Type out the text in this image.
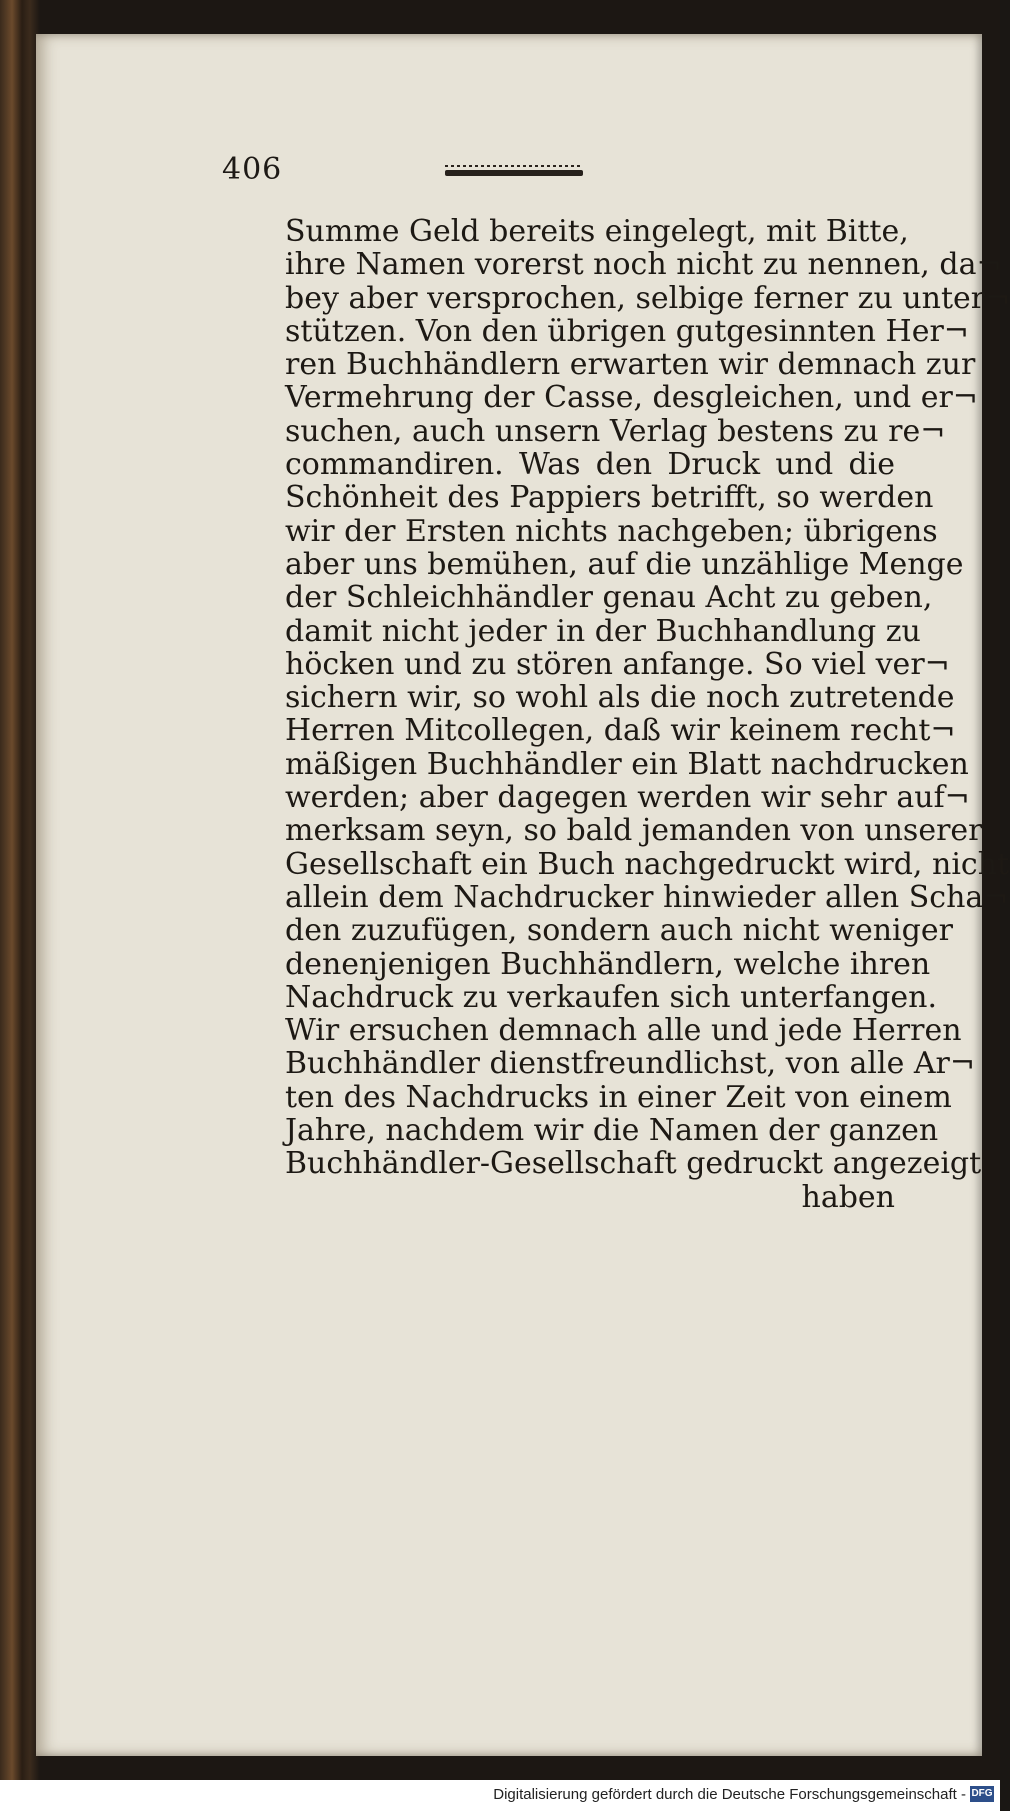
406
Summe Geld bereits eingelegt, mit Bitte,
ihre Namen vorerst noch nicht zu nennen, da¬
bey aber versprochen, selbige ferner zu unter¬
stützen. Von den übrigen gutgesinnten Her¬
ren Buchhändlern erwarten wir demnach zur
Vermehrung der Casse, desgleichen, und er¬
suchen, auch unsern Verlag bestens zu re¬
commandiren. Was den Druck und die
Schönheit des Pappiers betrifft, so werden
wir der Ersten nichts nachgeben; übrigens
aber uns bemühen, auf die unzählige Menge
der Schleichhändler genau Acht zu geben,
damit nicht jeder in der Buchhandlung zu
höcken und zu stören anfange. So viel ver¬
sichern wir, so wohl als die noch zutretende
Herren Mitcollegen, daß wir keinem recht¬
mäßigen Buchhändler ein Blatt nachdrucken
werden; aber dagegen werden wir sehr auf¬
merksam seyn, so bald jemanden von unserer
Gesellschaft ein Buch nachgedruckt wird, nicht
allein dem Nachdrucker hinwieder allen Scha¬
den zuzufügen, sondern auch nicht weniger
denenjenigen Buchhändlern, welche ihren
Nachdruck zu verkaufen sich unterfangen.
Wir ersuchen demnach alle und jede Herren
Buchhändler dienstfreundlichst, von alle Ar¬
ten des Nachdrucks in einer Zeit von einem
Jahre, nachdem wir die Namen der ganzen
Buchhändler-Gesellschaft gedruckt angezeigt
haben
Digitalisierung gefördert durch die Deutsche Forschungsgemeinschaft - DFG
